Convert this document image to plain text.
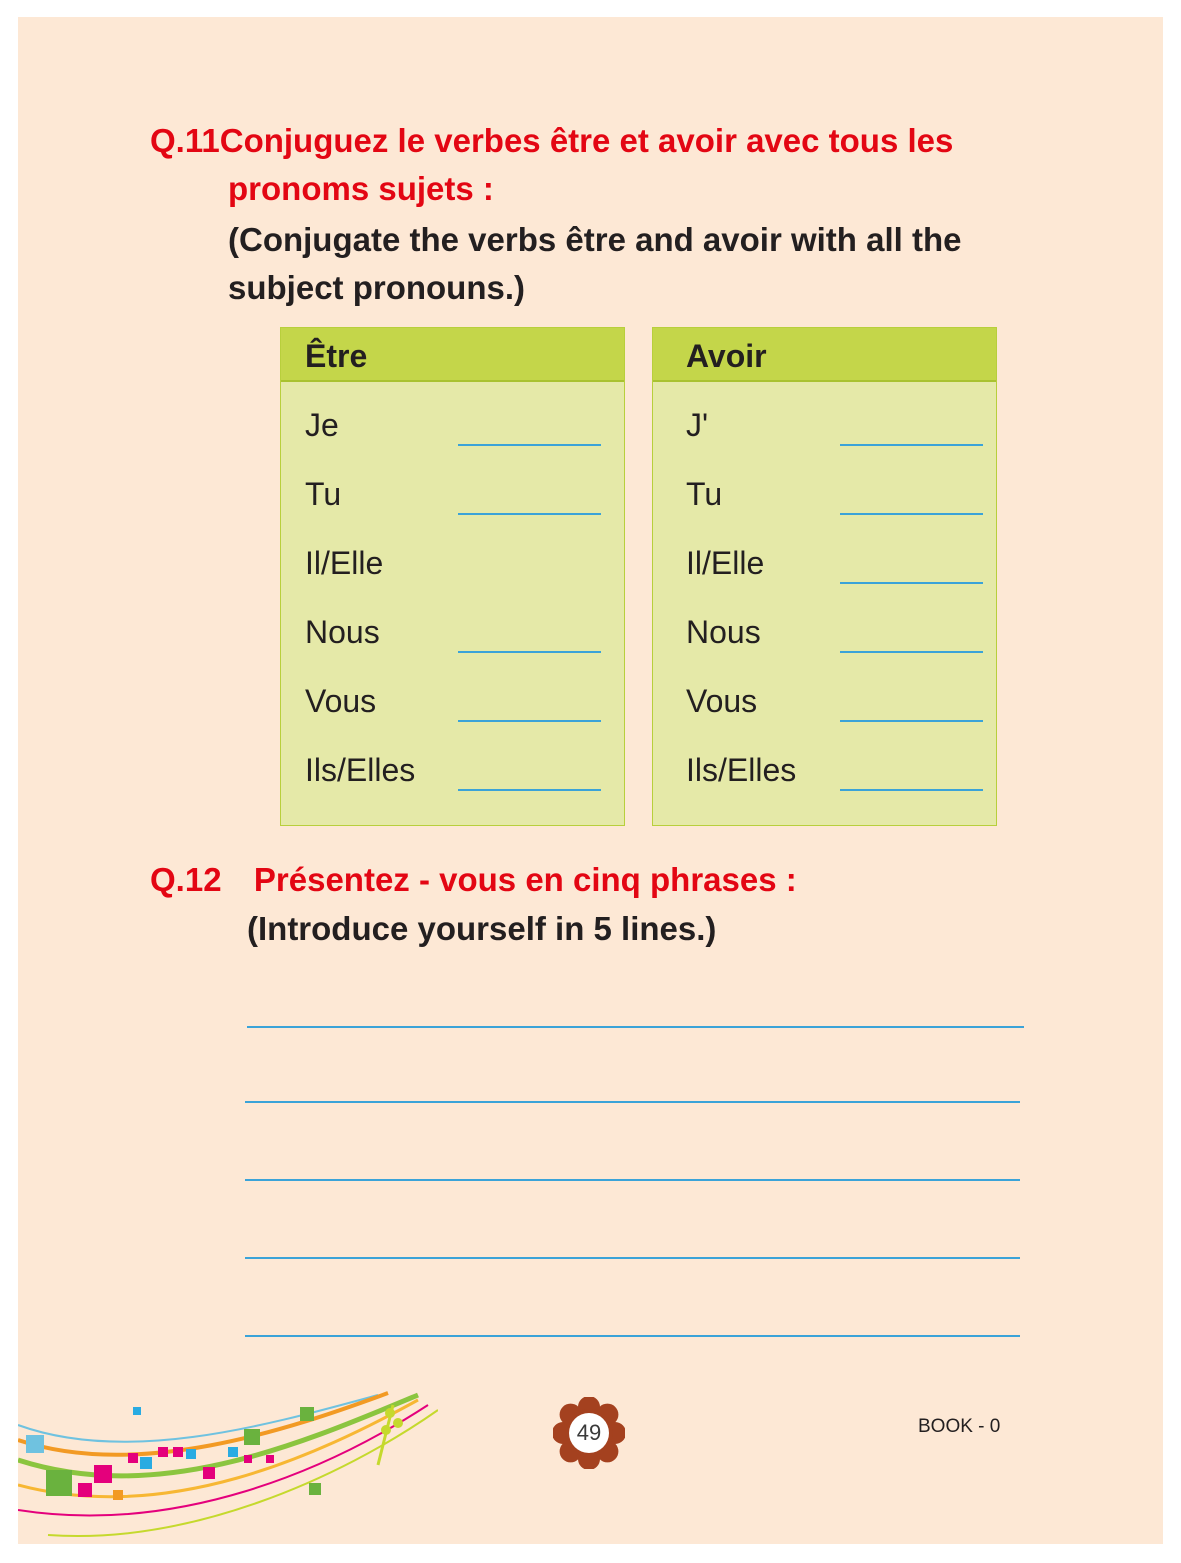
Q.11Conjuguez le verbes être et avoir avec tous les
pronoms sujets :
(Conjugate the verbs être and avoir with all the
subject pronouns.)
Être
Je
Tu
Il/Elle
Nous
Vous
Ils/Elles
Avoir
J'
Tu
Il/Elle
Nous
Vous
Ils/Elles
Q.12 Présentez - vous en cinq phrases :
(Introduce yourself in 5 lines.)
49	BOOK - 0
